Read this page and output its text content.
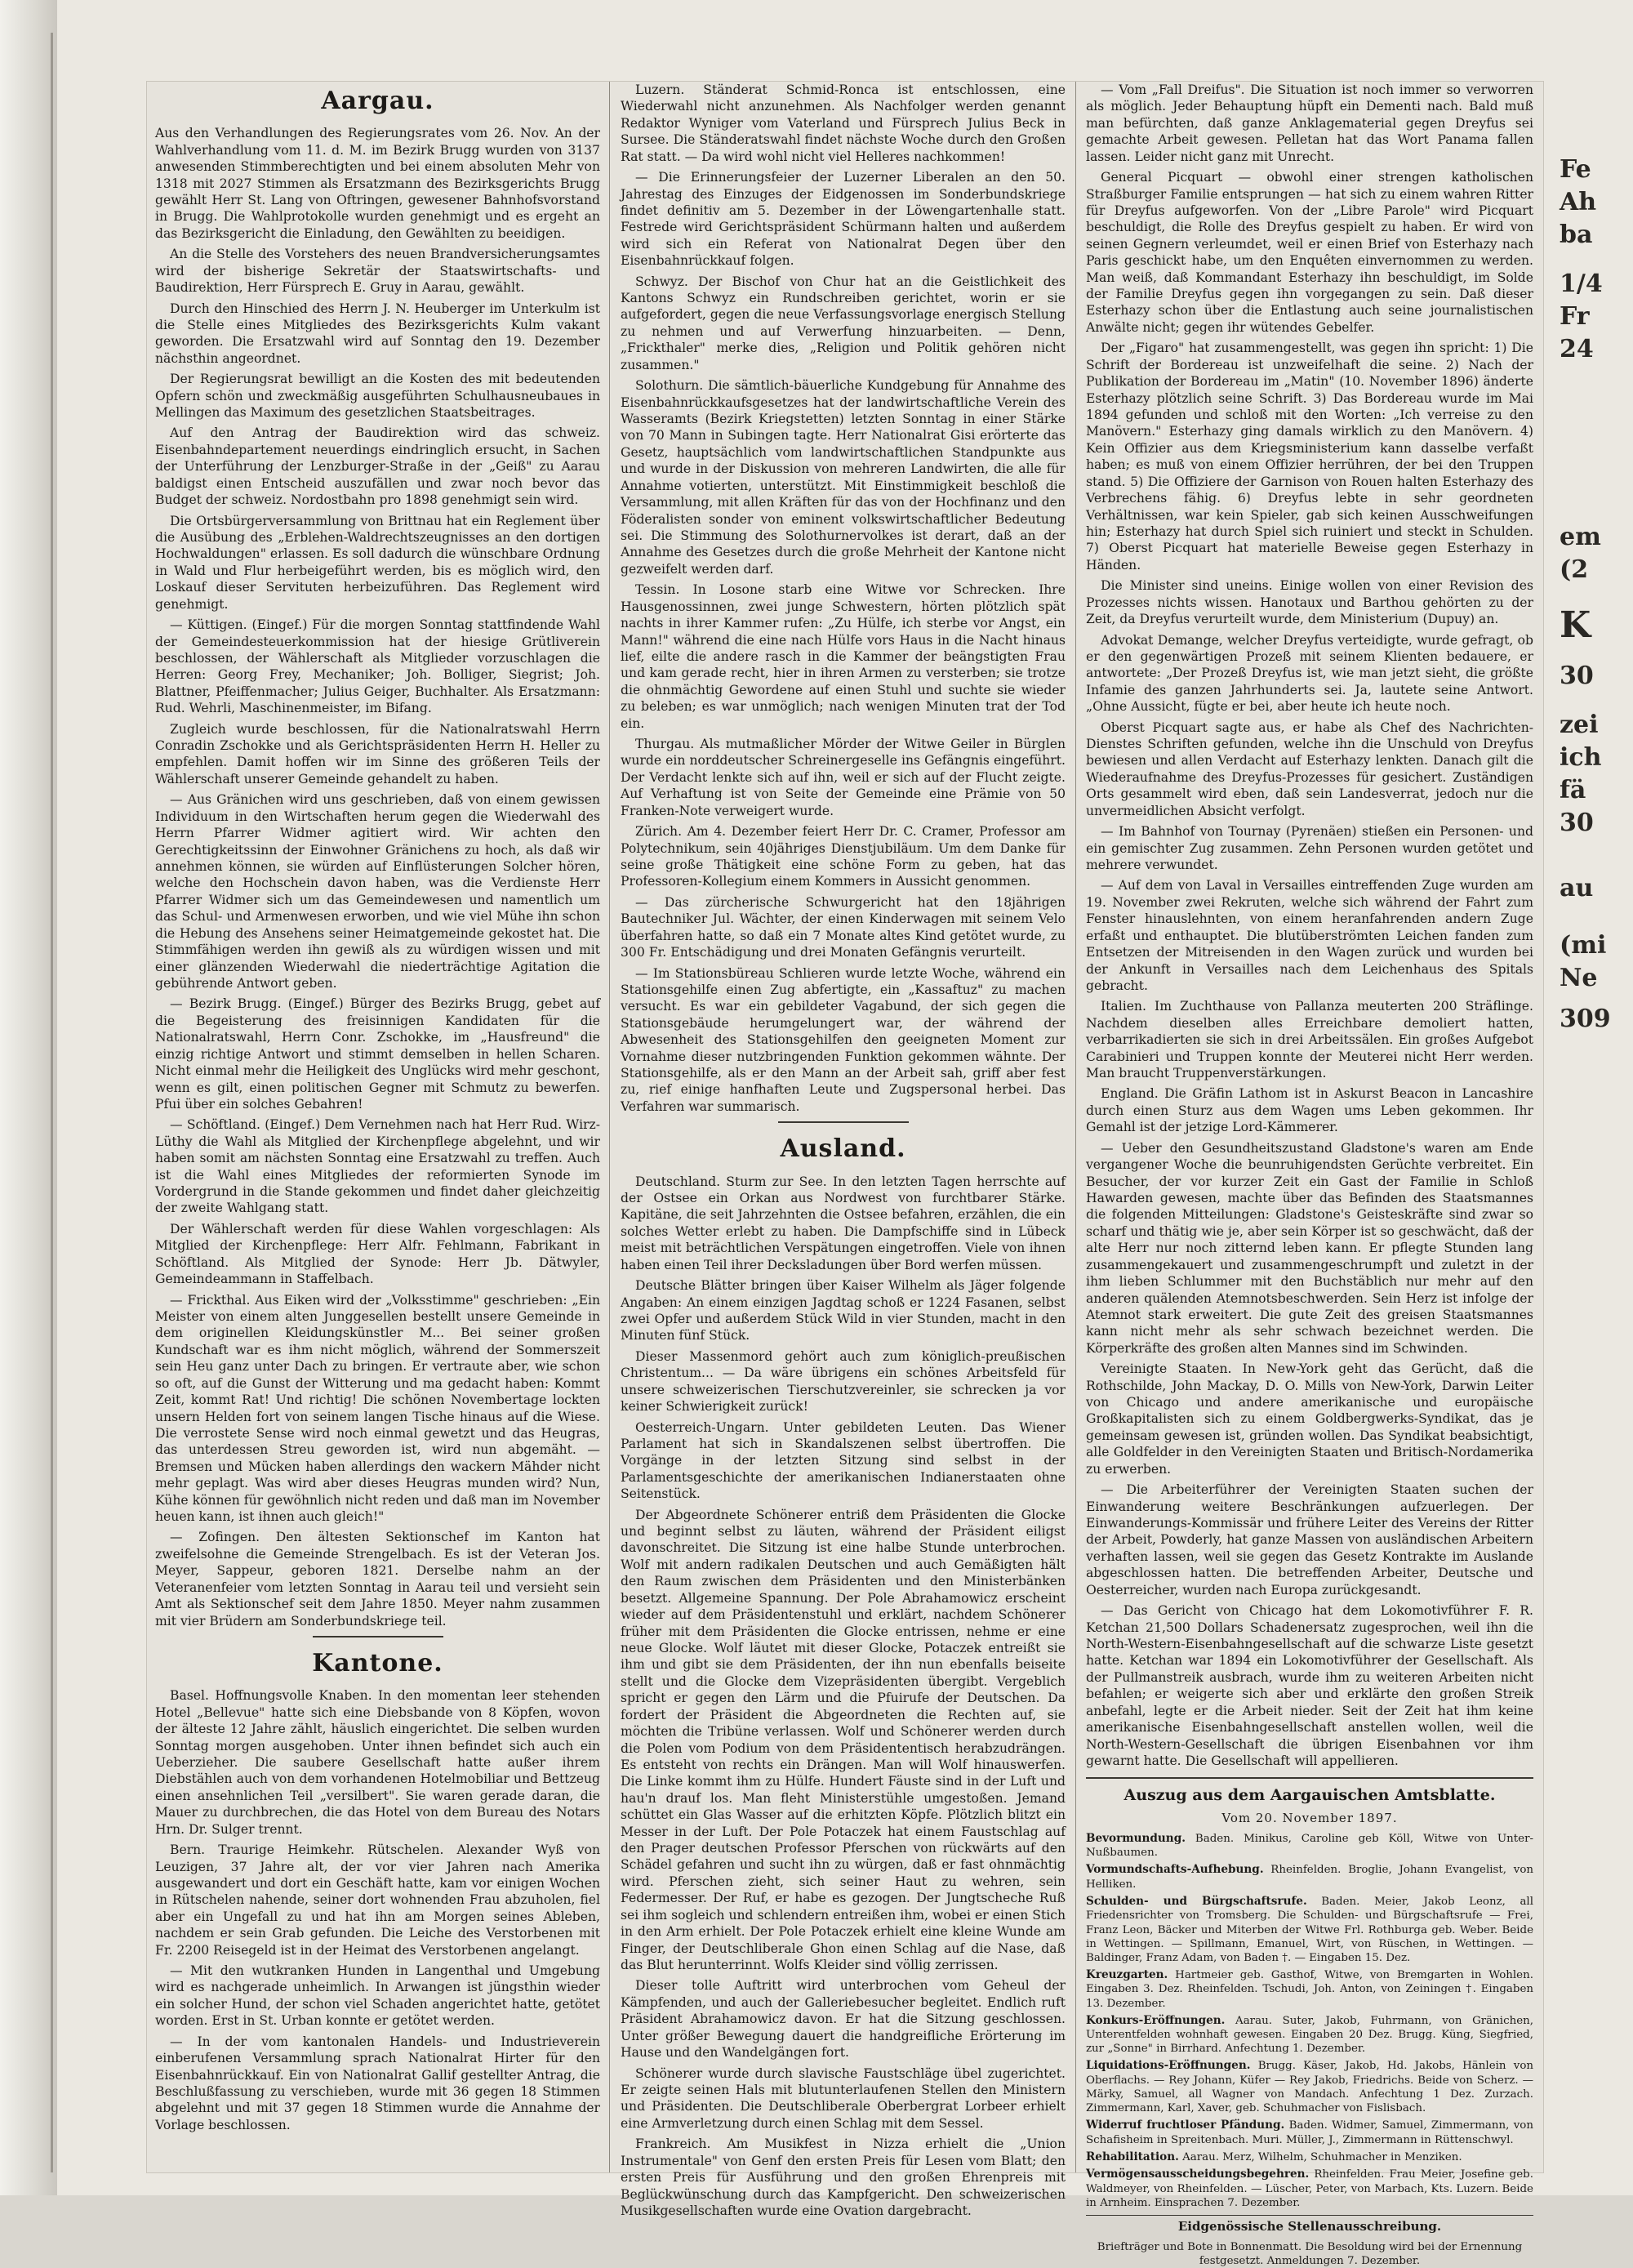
Fe
Ah
ba
1/4
Fr
24
em
(2
K
30
zei
ich
fä
30
au
(mi
Ne
309
Aargau.

Aus den Verhandlungen des Regierungsrates vom 26. Nov. An der Wahlverhandlung vom 11. d. M. im Bezirk Brugg wurden von 3137 anwesenden Stimmberechtigten und bei einem absoluten Mehr von 1318 mit 2027 Stimmen als Ersatzmann des Bezirksgerichts Brugg gewählt Herr St. Lang von Oftringen, gewesener Bahnhofsvorstand in Brugg. Die Wahlprotokolle wurden genehmigt und es ergeht an das Bezirksgericht die Einladung, den Gewählten zu beeidigen.

An die Stelle des Vorstehers des neuen Brandversicherungsamtes wird der bisherige Sekretär der Staatswirtschafts- und Baudirektion, Herr Fürsprech E. Gruy in Aarau, gewählt.

Durch den Hinschied des Herrn J. N. Heuberger im Unterkulm ist die Stelle eines Mitgliedes des Bezirksgerichts Kulm vakant geworden. Die Ersatzwahl wird auf Sonntag den 19. Dezember nächsthin angeordnet.

Der Regierungsrat bewilligt an die Kosten des mit bedeutenden Opfern schön und zweckmäßig ausgeführten Schulhausneubaues in Mellingen das Maximum des gesetzlichen Staatsbeitrages.

Auf den Antrag der Baudirektion wird das schweiz. Eisenbahndepartement neuerdings eindringlich ersucht, in Sachen der Unterführung der Lenzburger-Straße in der „Geiß" zu Aarau baldigst einen Entscheid auszufällen und zwar noch bevor das Budget der schweiz. Nordostbahn pro 1898 genehmigt sein wird.

Die Ortsbürgerversammlung von Brittnau hat ein Reglement über die Ausübung des „Erblehen-Waldrechtszeugnisses an den dortigen Hochwaldungen" erlassen. Es soll dadurch die wünschbare Ordnung in Wald und Flur herbeigeführt werden, bis es möglich wird, den Loskauf dieser Servituten herbeizuführen. Das Reglement wird genehmigt.

— Küttigen. (Eingef.) Für die morgen Sonntag stattfindende Wahl der Gemeindesteuerkommission hat der hiesige Grütliverein beschlossen, der Wählerschaft als Mitglieder vorzuschlagen die Herren: Georg Frey, Mechaniker; Joh. Bolliger, Siegrist; Joh. Blattner, Pfeiffenmacher; Julius Geiger, Buchhalter. Als Ersatzmann: Rud. Wehrli, Maschinenmeister, im Bifang.

Zugleich wurde beschlossen, für die Nationalratswahl Herrn Conradin Zschokke und als Gerichtspräsidenten Herrn H. Heller zu empfehlen. Damit hoffen wir im Sinne des größeren Teils der Wählerschaft unserer Gemeinde gehandelt zu haben.

— Aus Gränichen wird uns geschrieben, daß von einem gewissen Individuum in den Wirtschaften herum gegen die Wiederwahl des Herrn Pfarrer Widmer agitiert wird. Wir achten den Gerechtigkeitssinn der Einwohner Gränichens zu hoch, als daß wir annehmen können, sie würden auf Einflüsterungen Solcher hören, welche den Hochschein davon haben, was die Verdienste Herr Pfarrer Widmer sich um das Gemeindewesen und namentlich um das Schul- und Armenwesen erworben, und wie viel Mühe ihn schon die Hebung des Ansehens seiner Heimatgemeinde gekostet hat. Die Stimmfähigen werden ihn gewiß als zu würdigen wissen und mit einer glänzenden Wiederwahl die niederträchtige Agitation die gebührende Antwort geben.

— Bezirk Brugg. (Eingef.) Bürger des Bezirks Brugg, gebet auf die Begeisterung des freisinnigen Kandidaten für die Nationalratswahl, Herrn Conr. Zschokke, im „Hausfreund" die einzig richtige Antwort und stimmt demselben in hellen Scharen. Nicht einmal mehr die Heiligkeit des Unglücks wird mehr geschont, wenn es gilt, einen politischen Gegner mit Schmutz zu bewerfen. Pfui über ein solches Gebahren!

— Schöftland. (Eingef.) Dem Vernehmen nach hat Herr Rud. Wirz-Lüthy die Wahl als Mitglied der Kirchenpflege abgelehnt, und wir haben somit am nächsten Sonntag eine Ersatzwahl zu treffen. Auch ist die Wahl eines Mitgliedes der reformierten Synode im Vordergrund in die Stande gekommen und findet daher gleichzeitig der zweite Wahlgang statt.

Der Wählerschaft werden für diese Wahlen vorgeschlagen: Als Mitglied der Kirchenpflege: Herr Alfr. Fehlmann, Fabrikant in Schöftland. Als Mitglied der Synode: Herr Jb. Dätwyler, Gemeindeammann in Staffelbach.

— Frickthal. Aus Eiken wird der „Volksstimme" geschrieben: „Ein Meister von einem alten Junggesellen bestellt unsere Gemeinde in dem originellen Kleidungskünstler M... Bei seiner großen Kundschaft war es ihm nicht möglich, während der Sommerszeit sein Heu ganz unter Dach zu bringen. Er vertraute aber, wie schon so oft, auf die Gunst der Witterung und ma gedacht haben: Kommt Zeit, kommt Rat! Und richtig! Die schönen Novembertage lockten unsern Helden fort von seinem langen Tische hinaus auf die Wiese. Die verrostete Sense wird noch einmal gewetzt und das Heugras, das unterdessen Streu geworden ist, wird nun abgemäht. — Bremsen und Mücken haben allerdings den wackern Mähder nicht mehr geplagt. Was wird aber dieses Heugras munden wird? Nun, Kühe können für gewöhnlich nicht reden und daß man im November heuen kann, ist ihnen auch gleich!"

— Zofingen. Den ältesten Sektionschef im Kanton hat zweifelsohne die Gemeinde Strengelbach. Es ist der Veteran Jos. Meyer, Sappeur, geboren 1821. Derselbe nahm an der Veteranenfeier vom letzten Sonntag in Aarau teil und versieht sein Amt als Sektionschef seit dem Jahre 1850. Meyer nahm zusammen mit vier Brüdern am Sonderbundskriege teil.

Kantone.

Basel. Hoffnungsvolle Knaben. In den momentan leer stehenden Hotel „Bellevue" hatte sich eine Diebsbande von 8 Köpfen, wovon der älteste 12 Jahre zählt, häuslich eingerichtet. Die selben wurden Sonntag morgen ausgehoben. Unter ihnen befindet sich auch ein Ueberzieher. Die saubere Gesellschaft hatte außer ihrem Diebstählen auch von dem vorhandenen Hotelmobiliar und Bettzeug einen ansehnlichen Teil „versilbert". Sie waren gerade daran, die Mauer zu durchbrechen, die das Hotel von dem Bureau des Notars Hrn. Dr. Sulger trennt.

Bern. Traurige Heimkehr. Rütschelen. Alexander Wyß von Leuzigen, 37 Jahre alt, der vor vier Jahren nach Amerika ausgewandert und dort ein Geschäft hatte, kam vor einigen Wochen in Rütschelen nahende, seiner dort wohnenden Frau abzuholen, fiel aber ein Ungefall zu und hat ihn am Morgen seines Ableben, nachdem er sein Grab gefunden. Die Leiche des Verstorbenen mit Fr. 2200 Reisegeld ist in der Heimat des Verstorbenen angelangt.

— Mit den wutkranken Hunden in Langenthal und Umgebung wird es nachgerade unheimlich. In Arwangen ist jüngsthin wieder ein solcher Hund, der schon viel Schaden angerichtet hatte, getötet worden. Erst in St. Urban konnte er getötet werden.

— In der vom kantonalen Handels- und Industrieverein einberufenen Versammlung sprach Nationalrat Hirter für den Eisenbahnrückkauf. Ein von Nationalrat Gallif gestellter Antrag, die Beschlußfassung zu verschieben, wurde mit 36 gegen 18 Stimmen abgelehnt und mit 37 gegen 18 Stimmen wurde die Annahme der Vorlage beschlossen.

Luzern. Ständerat Schmid-Ronca ist entschlossen, eine Wiederwahl nicht anzunehmen. Als Nachfolger werden genannt Redaktor Wyniger vom Vaterland und Fürsprech Julius Beck in Sursee. Die Ständeratswahl findet nächste Woche durch den Großen Rat statt. — Da wird wohl nicht viel Helleres nachkommen!

— Die Erinnerungsfeier der Luzerner Liberalen an den 50. Jahrestag des Einzuges der Eidgenossen im Sonderbundskriege findet definitiv am 5. Dezember in der Löwengartenhalle statt. Festrede wird Gerichtspräsident Schürmann halten und außerdem wird sich ein Referat von Nationalrat Degen über den Eisenbahnrückkauf folgen.

Schwyz. Der Bischof von Chur hat an die Geistlichkeit des Kantons Schwyz ein Rundschreiben gerichtet, worin er sie aufgefordert, gegen die neue Verfassungsvorlage energisch Stellung zu nehmen und auf Verwerfung hinzuarbeiten. — Denn, „Frickthaler" merke dies, „Religion und Politik gehören nicht zusammen."

Solothurn. Die sämtlich-bäuerliche Kundgebung für Annahme des Eisenbahnrückkaufsgesetzes hat der landwirtschaftliche Verein des Wasseramts (Bezirk Kriegstetten) letzten Sonntag in einer Stärke von 70 Mann in Subingen tagte. Herr Nationalrat Gisi erörterte das Gesetz, hauptsächlich vom landwirtschaftlichen Standpunkte aus und wurde in der Diskussion von mehreren Landwirten, die alle für Annahme votierten, unterstützt. Mit Einstimmigkeit beschloß die Versammlung, mit allen Kräften für das von der Hochfinanz und den Föderalisten sonder von eminent volkswirtschaftlicher Bedeutung sei. Die Stimmung des Solothurnervolkes ist derart, daß an der Annahme des Gesetzes durch die große Mehrheit der Kantone nicht gezweifelt werden darf.

Tessin. In Losone starb eine Witwe vor Schrecken. Ihre Hausgenossinnen, zwei junge Schwestern, hörten plötzlich spät nachts in ihrer Kammer rufen: „Zu Hülfe, ich sterbe vor Angst, ein Mann!" während die eine nach Hülfe vors Haus in die Nacht hinaus lief, eilte die andere rasch in die Kammer der beängstigten Frau und kam gerade recht, hier in ihren Armen zu versterben; sie trotze die ohnmächtig Gewordene auf einen Stuhl und suchte sie wieder zu beleben; es war unmöglich; nach wenigen Minuten trat der Tod ein.

Thurgau. Als mutmaßlicher Mörder der Witwe Geiler in Bürglen wurde ein norddeutscher Schreinergeselle ins Gefängnis eingeführt. Der Verdacht lenkte sich auf ihn, weil er sich auf der Flucht zeigte. Auf Verhaftung ist von Seite der Gemeinde eine Prämie von 50 Franken-Note verweigert wurde.

Zürich. Am 4. Dezember feiert Herr Dr. C. Cramer, Professor am Polytechnikum, sein 40jähriges Dienstjubiläum. Um dem Danke für seine große Thätigkeit eine schöne Form zu geben, hat das Professoren-Kollegium einem Kommers in Aussicht genommen.

— Das zürcherische Schwurgericht hat den 18jährigen Bautechniker Jul. Wächter, der einen Kinderwagen mit seinem Velo überfahren hatte, so daß ein 7 Monate altes Kind getötet wurde, zu 300 Fr. Entschädigung und drei Monaten Gefängnis verurteilt.

— Im Stationsbüreau Schlieren wurde letzte Woche, während ein Stationsgehilfe einen Zug abfertigte, ein „Kassaftuz" zu machen versucht. Es war ein gebildeter Vagabund, der sich gegen die Stationsgebäude herumgelungert war, der während der Abwesenheit des Stationsgehilfen den geeigneten Moment zur Vornahme dieser nutzbringenden Funktion gekommen wähnte. Der Stationsgehilfe, als er den Mann an der Arbeit sah, griff aber fest zu, rief einige hanfhaften Leute und Zugspersonal herbei. Das Verfahren war summarisch.

Ausland.

Deutschland. Sturm zur See. In den letzten Tagen herrschte auf der Ostsee ein Orkan aus Nordwest von furchtbarer Stärke. Kapitäne, die seit Jahrzehnten die Ostsee befahren, erzählen, die ein solches Wetter erlebt zu haben. Die Dampfschiffe sind in Lübeck meist mit beträchtlichen Verspätungen eingetroffen. Viele von ihnen haben einen Teil ihrer Decksladungen über Bord werfen müssen.

Deutsche Blätter bringen über Kaiser Wilhelm als Jäger folgende Angaben: An einem einzigen Jagdtag schoß er 1224 Fasanen, selbst zwei Opfer und außerdem Stück Wild in vier Stunden, macht in den Minuten fünf Stück.

Dieser Massenmord gehört auch zum königlich-preußischen Christentum... — Da wäre übrigens ein schönes Arbeitsfeld für unsere schweizerischen Tierschutzvereinler, sie schrecken ja vor keiner Schwierigkeit zurück!

Oesterreich-Ungarn. Unter gebildeten Leuten. Das Wiener Parlament hat sich in Skandalszenen selbst übertroffen. Die Vorgänge in der letzten Sitzung sind selbst in der Parlamentsgeschichte der amerikanischen Indianerstaaten ohne Seitenstück.

Der Abgeordnete Schönerer entriß dem Präsidenten die Glocke und beginnt selbst zu läuten, während der Präsident eiligst davonschreitet. Die Sitzung ist eine halbe Stunde unterbrochen. Wolf mit andern radikalen Deutschen und auch Gemäßigten hält den Raum zwischen dem Präsidenten und den Ministerbänken besetzt. Allgemeine Spannung. Der Pole Abrahamowicz erscheint wieder auf dem Präsidentenstuhl und erklärt, nachdem Schönerer früher mit dem Präsidenten die Glocke entrissen, nehme er eine neue Glocke. Wolf läutet mit dieser Glocke, Potaczek entreißt sie ihm und gibt sie dem Präsidenten, der ihn nun ebenfalls beiseite stellt und die Glocke dem Vizepräsidenten übergibt. Vergeblich spricht er gegen den Lärm und die Pfuirufe der Deutschen. Da fordert der Präsident die Abgeordneten die Rechten auf, sie möchten die Tribüne verlassen. Wolf und Schönerer werden durch die Polen vom Podium von dem Präsidententisch herabzudrängen. Es entsteht von rechts ein Drängen. Man will Wolf hinauswerfen. Die Linke kommt ihm zu Hülfe. Hundert Fäuste sind in der Luft und hau'n drauf los. Man fleht Ministerstühle umgestoßen. Jemand schüttet ein Glas Wasser auf die erhitzten Köpfe. Plötzlich blitzt ein Messer in der Luft. Der Pole Potaczek hat einem Faustschlag auf den Prager deutschen Professor Pferschen von rückwärts auf den Schädel gefahren und sucht ihn zu würgen, daß er fast ohnmächtig wird. Pferschen zieht, sich seiner Haut zu wehren, sein Federmesser. Der Ruf, er habe es gezogen. Der Jungtscheche Ruß sei ihm sogleich und schlendern entreißen ihm, wobei er einen Stich in den Arm erhielt. Der Pole Potaczek erhielt eine kleine Wunde am Finger, der Deutschliberale Ghon einen Schlag auf die Nase, daß das Blut herunterrinnt. Wolfs Kleider sind völlig zerrissen.

Dieser tolle Auftritt wird unterbrochen vom Geheul der Kämpfenden, und auch der Galleriebesucher begleitet. Endlich ruft Präsident Abrahamowicz davon. Er hat die Sitzung geschlossen. Unter größer Bewegung dauert die handgreifliche Erörterung im Hause und den Wandelgängen fort.

Schönerer wurde durch slavische Faustschläge übel zugerichtet. Er zeigte seinen Hals mit blutunterlaufenen Stellen den Ministern und Präsidenten. Die Deutschliberale Oberbergrat Lorbeer erhielt eine Armverletzung durch einen Schlag mit dem Sessel.

Frankreich. Am Musikfest in Nizza erhielt die „Union Instrumentale" von Genf den ersten Preis für Lesen vom Blatt; den ersten Preis für Ausführung und den großen Ehrenpreis mit Beglückwünschung durch das Kampfgericht. Den schweizerischen Musikgesellschaften wurde eine Ovation dargebracht.

— Vom „Fall Dreifus". Die Situation ist noch immer so verworren als möglich. Jeder Behauptung hüpft ein Dementi nach. Bald muß man befürchten, daß ganze Anklagematerial gegen Dreyfus sei gemachte Arbeit gewesen. Pelletan hat das Wort Panama fallen lassen. Leider nicht ganz mit Unrecht.

General Picquart — obwohl einer strengen katholischen Straßburger Familie entsprungen — hat sich zu einem wahren Ritter für Dreyfus aufgeworfen. Von der „Libre Parole" wird Picquart beschuldigt, die Rolle des Dreyfus gespielt zu haben. Er wird von seinen Gegnern verleumdet, weil er einen Brief von Esterhazy nach Paris geschickt habe, um den Enquêten einvernommen zu werden. Man weiß, daß Kommandant Esterhazy ihn beschuldigt, im Solde der Familie Dreyfus gegen ihn vorgegangen zu sein. Daß dieser Esterhazy schon über die Entlastung auch seine journalistischen Anwälte nicht; gegen ihr wütendes Gebelfer.

Der „Figaro" hat zusammengestellt, was gegen ihn spricht: 1) Die Schrift der Bordereau ist unzweifelhaft die seine. 2) Nach der Publikation der Bordereau im „Matin" (10. November 1896) änderte Esterhazy plötzlich seine Schrift. 3) Das Bordereau wurde im Mai 1894 gefunden und schloß mit den Worten: „Ich verreise zu den Manövern." Esterhazy ging damals wirklich zu den Manövern. 4) Kein Offizier aus dem Kriegsministerium kann dasselbe verfaßt haben; es muß von einem Offizier herrühren, der bei den Truppen stand. 5) Die Offiziere der Garnison von Rouen halten Esterhazy des Verbrechens fähig. 6) Dreyfus lebte in sehr geordneten Verhältnissen, war kein Spieler, gab sich keinen Ausschweifungen hin; Esterhazy hat durch Spiel sich ruiniert und steckt in Schulden. 7) Oberst Picquart hat materielle Beweise gegen Esterhazy in Händen.

Die Minister sind uneins. Einige wollen von einer Revision des Prozesses nichts wissen. Hanotaux und Barthou gehörten zu der Zeit, da Dreyfus verurteilt wurde, dem Ministerium (Dupuy) an.

Advokat Demange, welcher Dreyfus verteidigte, wurde gefragt, ob er den gegenwärtigen Prozeß mit seinem Klienten bedauere, er antwortete: „Der Prozeß Dreyfus ist, wie man jetzt sieht, die größte Infamie des ganzen Jahrhunderts sei. Ja, lautete seine Antwort. „Ohne Aussicht, fügte er bei, aber heute ich heute noch.

Oberst Picquart sagte aus, er habe als Chef des Nachrichten-Dienstes Schriften gefunden, welche ihn die Unschuld von Dreyfus bewiesen und allen Verdacht auf Esterhazy lenkten. Danach gilt die Wiederaufnahme des Dreyfus-Prozesses für gesichert. Zuständigen Orts gesammelt wird eben, daß sein Landesverrat, jedoch nur die unvermeidlichen Absicht verfolgt.

— Im Bahnhof von Tournay (Pyrenäen) stießen ein Personen- und ein gemischter Zug zusammen. Zehn Personen wurden getötet und mehrere verwundet.

— Auf dem von Laval in Versailles eintreffenden Zuge wurden am 19. November zwei Rekruten, welche sich während der Fahrt zum Fenster hinauslehnten, von einem heranfahrenden andern Zuge erfaßt und enthauptet. Die blutüberströmten Leichen fanden zum Entsetzen der Mitreisenden in den Wagen zurück und wurden bei der Ankunft in Versailles nach dem Leichenhaus des Spitals gebracht.

Italien. Im Zuchthause von Pallanza meuterten 200 Sträflinge. Nachdem dieselben alles Erreichbare demoliert hatten, verbarrikadierten sie sich in drei Arbeitssälen. Ein großes Aufgebot Carabinieri und Truppen konnte der Meuterei nicht Herr werden. Man braucht Truppenverstärkungen.

England. Die Gräfin Lathom ist in Askurst Beacon in Lancashire durch einen Sturz aus dem Wagen ums Leben gekommen. Ihr Gemahl ist der jetzige Lord-Kämmerer.

— Ueber den Gesundheitszustand Gladstone's waren am Ende vergangener Woche die beunruhigendsten Gerüchte verbreitet. Ein Besucher, der vor kurzer Zeit ein Gast der Familie in Schloß Hawarden gewesen, machte über das Befinden des Staatsmannes die folgenden Mitteilungen: Gladstone's Geisteskräfte sind zwar so scharf und thätig wie je, aber sein Körper ist so geschwächt, daß der alte Herr nur noch zitternd leben kann. Er pflegte Stunden lang zusammengekauert und zusammengeschrumpft und zuletzt in der ihm lieben Schlummer mit den Buchstäblich nur mehr auf den anderen quälenden Atemnotsbeschwerden. Sein Herz ist infolge der Atemnot stark erweitert. Die gute Zeit des greisen Staatsmannes kann nicht mehr als sehr schwach bezeichnet werden. Die Körperkräfte des großen alten Mannes sind im Schwinden.

Vereinigte Staaten. In New-York geht das Gerücht, daß die Rothschilde, John Mackay, D. O. Mills von New-York, Darwin Leiter von Chicago und andere amerikanische und europäische Großkapitalisten sich zu einem Goldbergwerks-Syndikat, das je gemeinsam gewesen ist, gründen wollen. Das Syndikat beabsichtigt, alle Goldfelder in den Vereinigten Staaten und Britisch-Nordamerika zu erwerben.

— Die Arbeiterführer der Vereinigten Staaten suchen der Einwanderung weitere Beschränkungen aufzuerlegen. Der Einwanderungs-Kommissär und frühere Leiter des Vereins der Ritter der Arbeit, Powderly, hat ganze Massen von ausländischen Arbeitern verhaften lassen, weil sie gegen das Gesetz Kontrakte im Auslande abgeschlossen hatten. Die betreffenden Arbeiter, Deutsche und Oesterreicher, wurden nach Europa zurückgesandt.

— Das Gericht von Chicago hat dem Lokomotivführer F. R. Ketchan 21,500 Dollars Schadenersatz zugesprochen, weil ihn die North-Western-Eisenbahngesellschaft auf die schwarze Liste gesetzt hatte. Ketchan war 1894 ein Lokomotivführer der Gesellschaft. Als der Pullmanstreik ausbrach, wurde ihm zu weiteren Arbeiten nicht befahlen; er weigerte sich aber und erklärte den großen Streik anbefahl, legte er die Arbeit nieder. Seit der Zeit hat ihm keine amerikanische Eisenbahngesellschaft anstellen wollen, weil die North-Western-Gesellschaft die übrigen Eisenbahnen vor ihm gewarnt hatte. Die Gesellschaft will appellieren.

Auszug aus dem Aargauischen Amtsblatte.
Vom 20. November 1897.
Bevormundung. Baden. Minikus, Caroline geb Köll, Witwe von Unter-Nußbaumen.
Vormundschafts-Aufhebung. Rheinfelden. Broglie, Johann Evangelist, von Helliken.
Schulden- und Bürgschaftsrufe. Baden. Meier, Jakob Leonz, all Friedensrichter von Tromsberg. Die Schulden- und Bürgschaftsrufe — Frei, Franz Leon, Bäcker und Miterben der Witwe Frl. Rothburga geb. Weber. Beide in Wettingen. — Spillmann, Emanuel, Wirt, von Rüschen, in Wettingen. — Baldinger, Franz Adam, von Baden †. — Eingaben 15. Dez.
Kreuzgarten. Hartmeier geb. Gasthof, Witwe, von Bremgarten in Wohlen. Eingaben 3. Dez. Rheinfelden. Tschudi, Joh. Anton, von Zeiningen †. Eingaben 13. Dezember.
Konkurs-Eröffnungen. Aarau. Suter, Jakob, Fuhrmann, von Gränichen, Unterentfelden wohnhaft gewesen. Eingaben 20 Dez. Brugg. Küng, Siegfried, zur „Sonne" in Birrhard. Anfechtung 1. Dezember.
Liquidations-Eröffnungen. Brugg. Käser, Jakob, Hd. Jakobs, Hänlein von Oberflachs. — Rey Johann, Küfer — Rey Jakob, Friedrichs. Beide von Scherz. — Märky, Samuel, all Wagner von Mandach. Anfechtung 1 Dez. Zurzach. Zimmermann, Karl, Xaver, geb. Schuhmacher von Fislisbach.
Widerruf fruchtloser Pfändung. Baden. Widmer, Samuel, Zimmermann, von Schafisheim in Spreitenbach. Muri. Müller, J., Zimmermann in Rüttenschwyl.
Rehabilitation. Aarau. Merz, Wilhelm, Schuhmacher in Menziken.
Vermögensausscheidungsbegehren. Rheinfelden. Frau Meier, Josefine geb. Waldmeyer, von Rheinfelden. — Lüscher, Peter, von Marbach, Kts. Luzern. Beide in Arnheim. Einsprachen 7. Dezember.
Eidgenössische Stellenausschreibung.
Briefträger und Bote in Bonnenmatt. Die Besoldung wird bei der Ernennung festgesetzt. Anmeldungen 7. Dezember.
